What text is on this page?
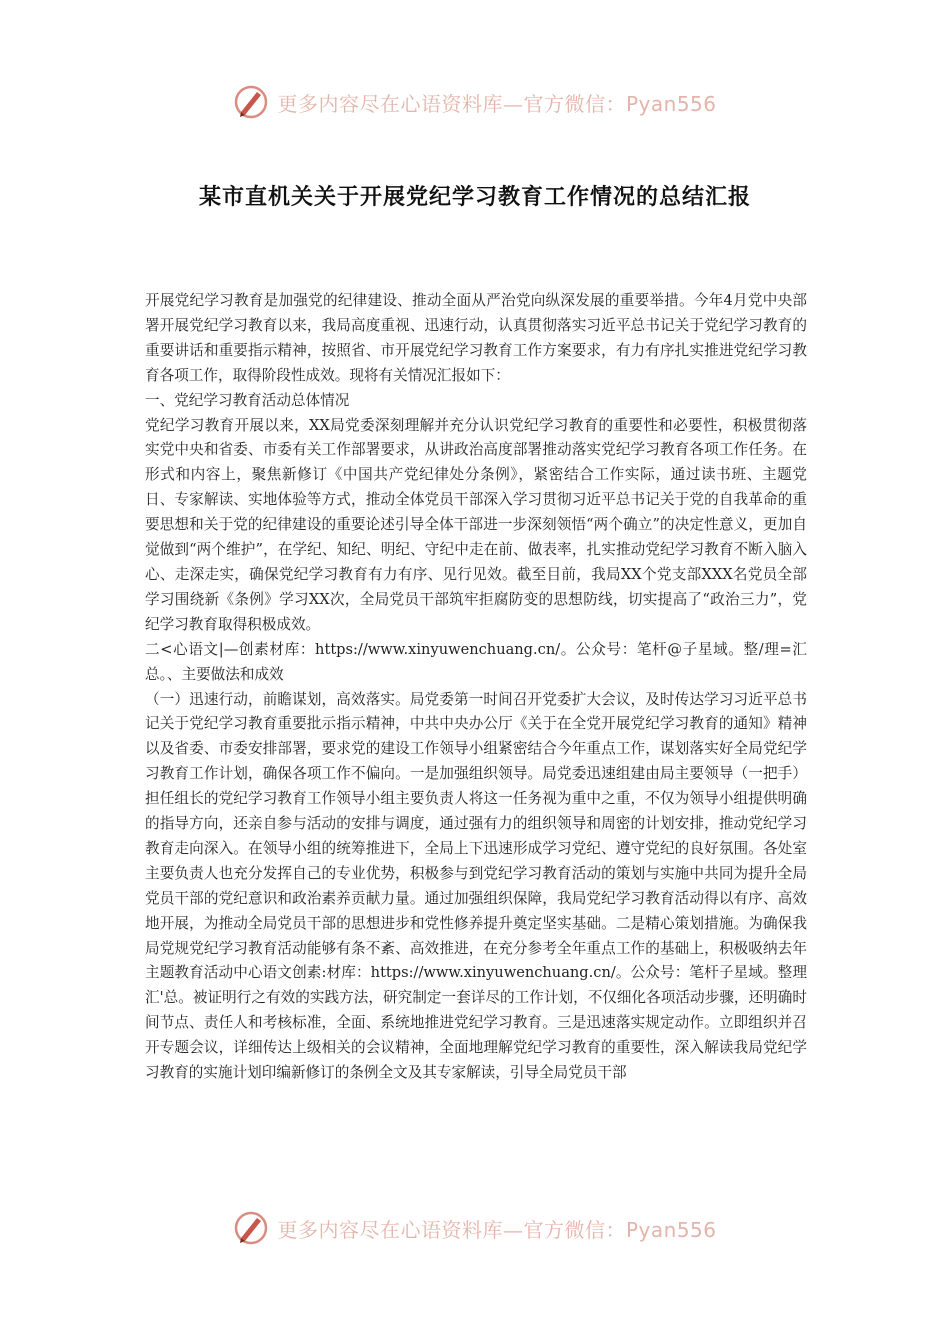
更多内容尽在心语资料库—官方微信：Pyan556
某市直机关关于开展党纪学习教育工作情况的总结汇报

开展党纪学习教育是加强党的纪律建设、推动全面从严治党向纵深发展的重要举措。今年4月党中央部署开展党纪学习教育以来，我局高度重视、迅速行动，认真贯彻落实习近平总书记关于党纪学习教育的重要讲话和重要指示精神，按照省、市开展党纪学习教育工作方案要求，有力有序扎实推进党纪学习教育各项工作，取得阶段性成效。现将有关情况汇报如下：

一、党纪学习教育活动总体情况

党纪学习教育开展以来，XX局党委深刻理解并充分认识党纪学习教育的重要性和必要性，积极贯彻落实党中央和省委、市委有关工作部署要求，从讲政治高度部署推动落实党纪学习教育各项工作任务。在形式和内容上，聚焦新修订《中国共产党纪律处分条例》，紧密结合工作实际，通过读书班、主题党日、专家解读、实地体验等方式，推动全体党员干部深入学习贯彻习近平总书记关于党的自我革命的重要思想和关于党的纪律建设的重要论述引导全体干部进一步深刻领悟“两个确立”的决定性意义，更加自觉做到“两个维护”，在学纪、知纪、明纪、守纪中走在前、做表率，扎实推动党纪学习教育不断入脑入心、走深走实，确保党纪学习教育有力有序、见行见效。截至目前，我局XX个党支部XXX名党员全部学习围绕新《条例》学习XX次，全局党员干部筑牢拒腐防变的思想防线，切实提高了“政治三力”，党纪学习教育取得积极成效。

二<心语文|—创素材库：https://www.xinyuwenchuang.cn/。公众号：笔杆@子星域。整/理=汇总。、主要做法和成效

（一）迅速行动，前瞻谋划，高效落实。局党委第一时间召开党委扩大会议，及时传达学习习近平总书记关于党纪学习教育重要批示指示精神，中共中央办公厅《关于在全党开展党纪学习教育的通知》精神以及省委、市委安排部署，要求党的建设工作领导小组紧密结合今年重点工作，谋划落实好全局党纪学习教育工作计划，确保各项工作不偏向。一是加强组织领导。局党委迅速组建由局主要领导（一把手）担任组长的党纪学习教育工作领导小组主要负责人将这一任务视为重中之重，不仅为领导小组提供明确的指导方向，还亲自参与活动的安排与调度，通过强有力的组织领导和周密的计划安排，推动党纪学习教育走向深入。在领导小组的统筹推进下，全局上下迅速形成学习党纪、遵守党纪的良好氛围。各处室主要负责人也充分发挥自己的专业优势，积极参与到党纪学习教育活动的策划与实施中共同为提升全局党员干部的党纪意识和政治素养贡献力量。通过加强组织保障，我局党纪学习教育活动得以有序、高效地开展，为推动全局党员干部的思想进步和党性修养提升奠定坚实基础。二是精心策划措施。为确保我局党规党纪学习教育活动能够有条不紊、高效推进，在充分参考全年重点工作的基础上，积极吸纳去年主题教育活动中心语文创素:材库：https://www.xinyuwenchuang.cn/。公众号：笔杆子星域。整理汇'总。被证明行之有效的实践方法，研究制定一套详尽的工作计划，不仅细化各项活动步骤，还明确时间节点、责任人和考核标准，全面、系统地推进党纪学习教育。三是迅速落实规定动作。立即组织并召开专题会议，详细传达上级相关的会议精神，全面地理解党纪学习教育的重要性，深入解读我局党纪学习教育的实施计划印编新修订的条例全文及其专家解读，引导全局党员干部

更多内容尽在心语资料库—官方微信：Pyan556
